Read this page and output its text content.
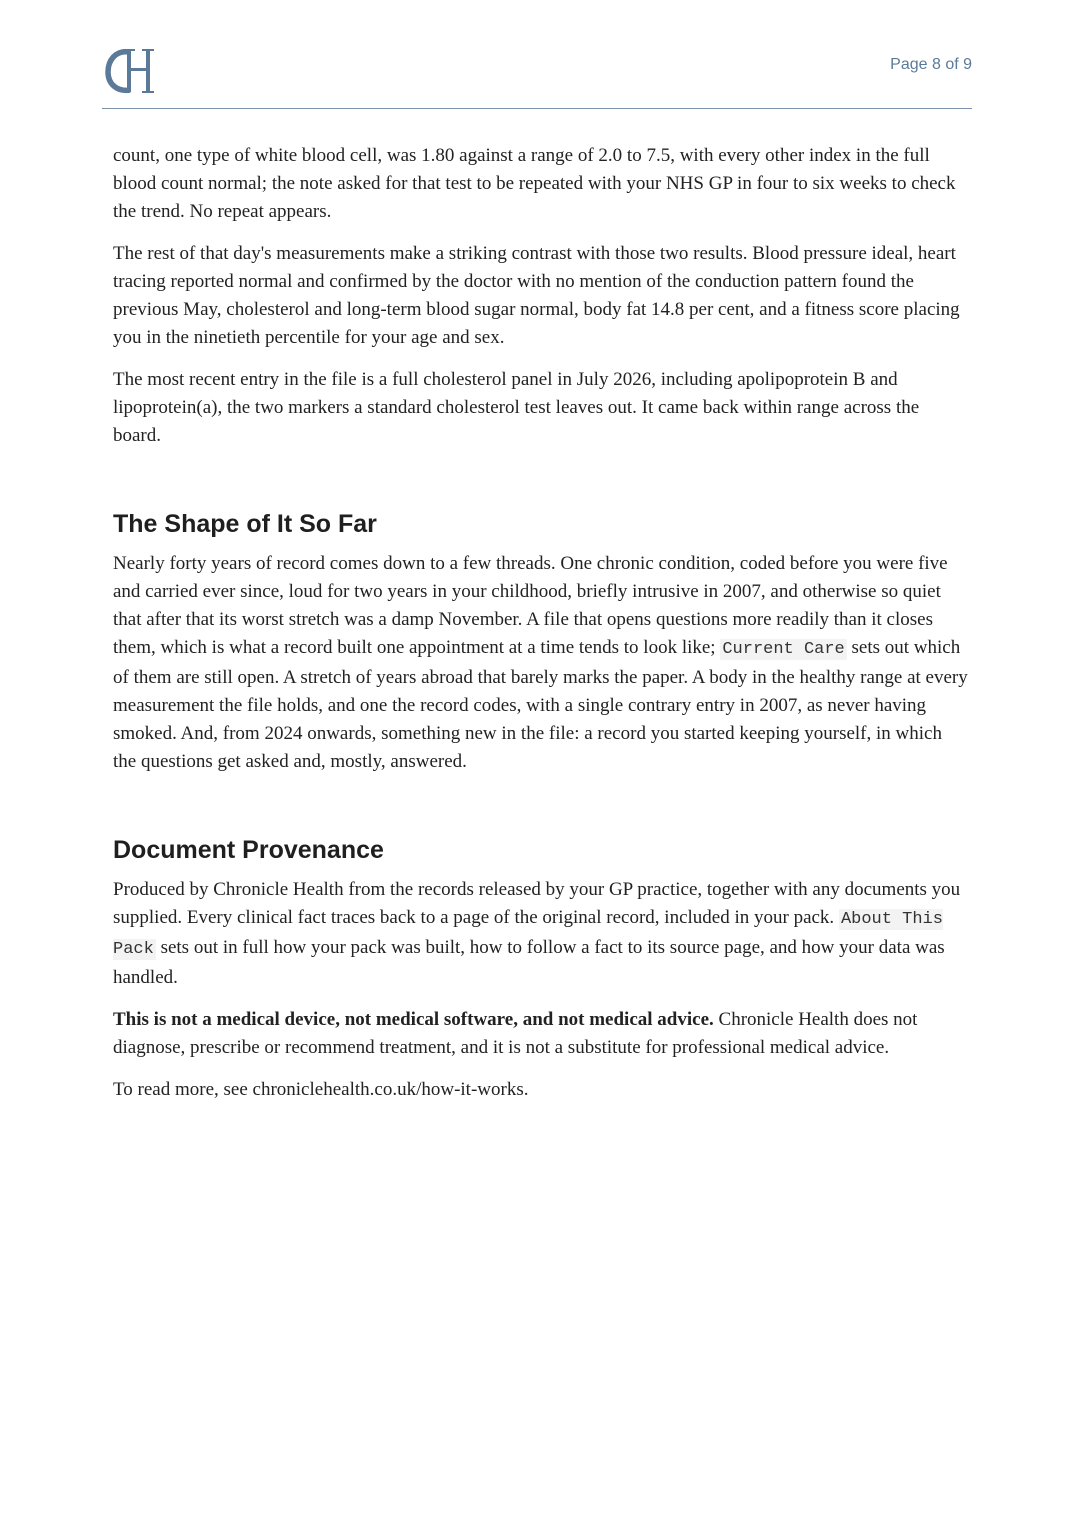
Page 8 of 9

count, one type of white blood cell, was 1.80 against a range of 2.0 to 7.5, with every other index in the full blood count normal; the note asked for that test to be repeated with your NHS GP in four to six weeks to check the trend. No repeat appears.

The rest of that day's measurements make a striking contrast with those two results. Blood pressure ideal, heart tracing reported normal and confirmed by the doctor with no mention of the conduction pattern found the previous May, cholesterol and long-term blood sugar normal, body fat 14.8 per cent, and a fitness score placing you in the ninetieth percentile for your age and sex.

The most recent entry in the file is a full cholesterol panel in July 2026, including apolipoprotein B and lipoprotein(a), the two markers a standard cholesterol test leaves out. It came back within range across the board.

The Shape of It So Far

Nearly forty years of record comes down to a few threads. One chronic condition, coded before you were five and carried ever since, loud for two years in your childhood, briefly intrusive in 2007, and otherwise so quiet that after that its worst stretch was a damp November. A file that opens questions more readily than it closes them, which is what a record built one appointment at a time tends to look like; Current Care sets out which of them are still open. A stretch of years abroad that barely marks the paper. A body in the healthy range at every measurement the file holds, and one the record codes, with a single contrary entry in 2007, as never having smoked. And, from 2024 onwards, something new in the file: a record you started keeping yourself, in which the questions get asked and, mostly, answered.

Document Provenance

Produced by Chronicle Health from the records released by your GP practice, together with any documents you supplied. Every clinical fact traces back to a page of the original record, included in your pack. About This Pack sets out in full how your pack was built, how to follow a fact to its source page, and how your data was handled.

This is not a medical device, not medical software, and not medical advice. Chronicle Health does not diagnose, prescribe or recommend treatment, and it is not a substitute for professional medical advice.

To read more, see chroniclehealth.co.uk/how-it-works.
